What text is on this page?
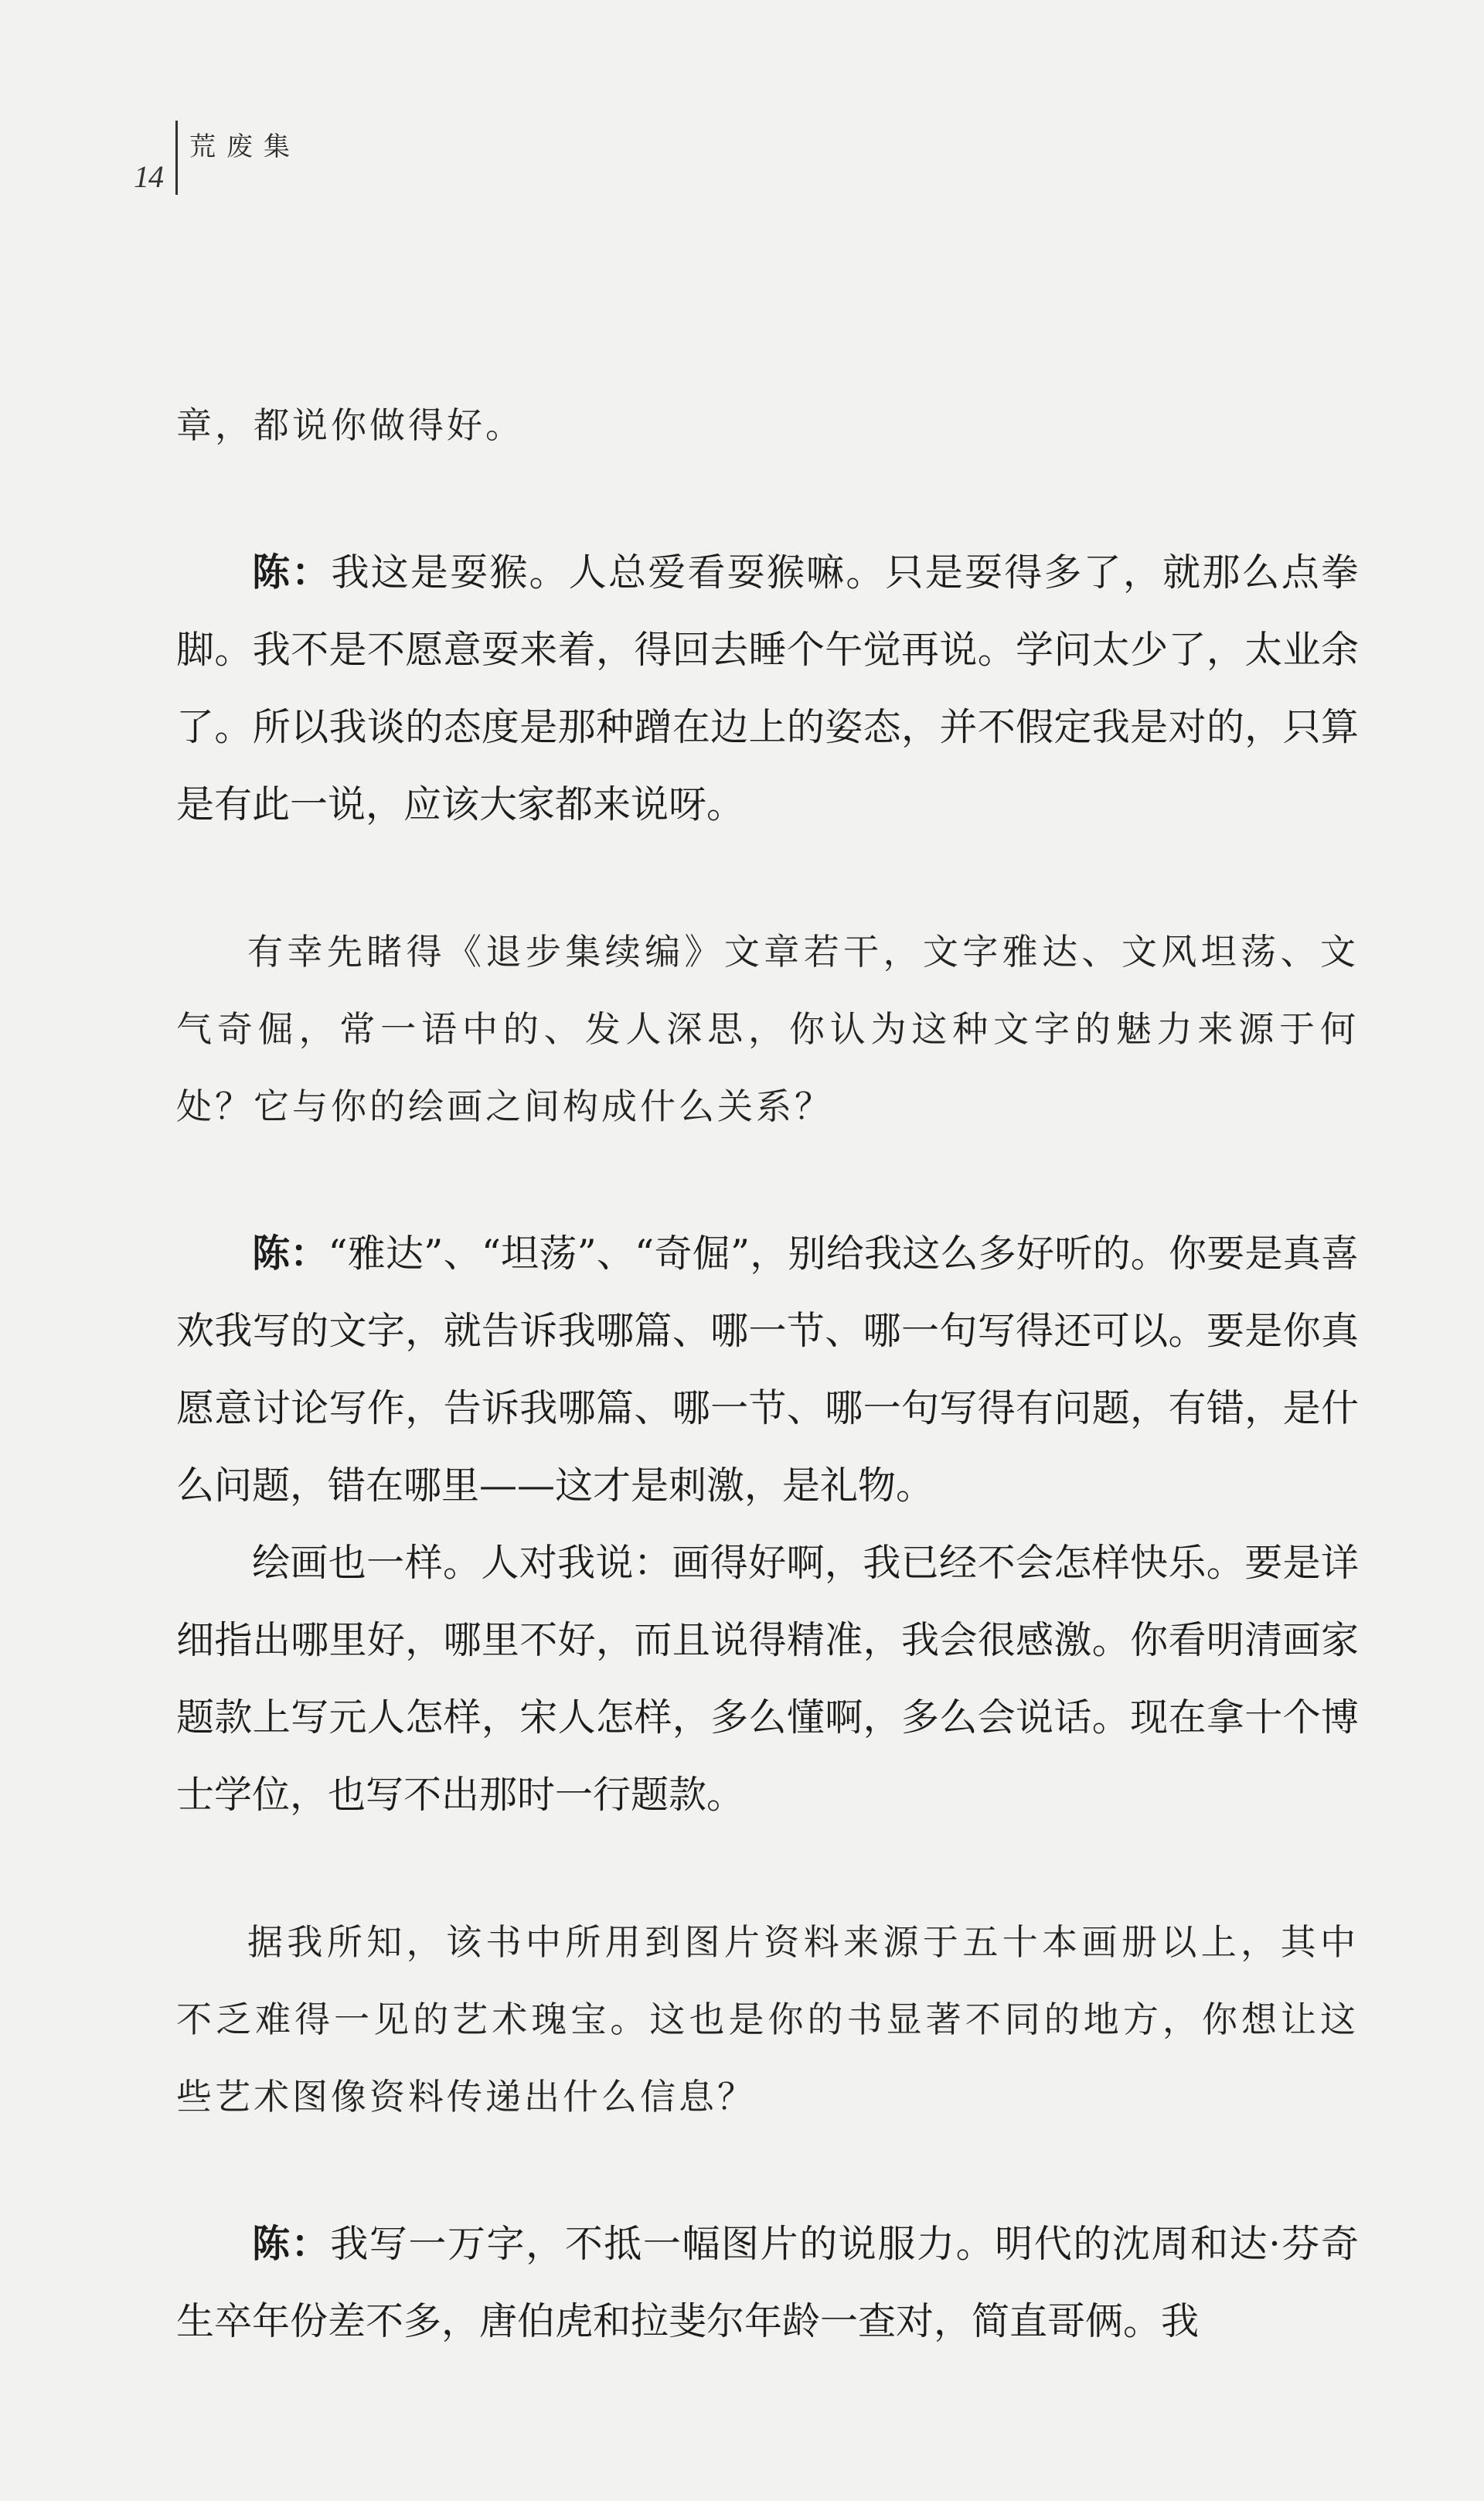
14
荒废集

章，都说你做得好。

陈：我这是耍猴。人总爱看耍猴嘛。只是耍得多了，就那么点拳脚。我不是不愿意耍来着，得回去睡个午觉再说。学问太少了，太业余了。所以我谈的态度是那种蹭在边上的姿态，并不假定我是对的，只算是有此一说，应该大家都来说呀。

有幸先睹得《退步集续编》文章若干，文字雅达、文风坦荡、文气奇倔，常一语中的、发人深思，你认为这种文字的魅力来源于何处？它与你的绘画之间构成什么关系？

陈：“雅达”、“坦荡”、“奇倔”，别给我这么多好听的。你要是真喜欢我写的文字，就告诉我哪篇、哪一节、哪一句写得还可以。要是你真愿意讨论写作，告诉我哪篇、哪一节、哪一句写得有问题，有错，是什么问题，错在哪里——这才是刺激，是礼物。

绘画也一样。人对我说：画得好啊，我已经不会怎样快乐。要是详细指出哪里好，哪里不好，而且说得精准，我会很感激。你看明清画家题款上写元人怎样，宋人怎样，多么懂啊，多么会说话。现在拿十个博士学位，也写不出那时一行题款。

据我所知，该书中所用到图片资料来源于五十本画册以上，其中不乏难得一见的艺术瑰宝。这也是你的书显著不同的地方，你想让这些艺术图像资料传递出什么信息？

陈：我写一万字，不抵一幅图片的说服力。明代的沈周和达·芬奇生卒年份差不多，唐伯虎和拉斐尔年龄一查对，简直哥俩。我
